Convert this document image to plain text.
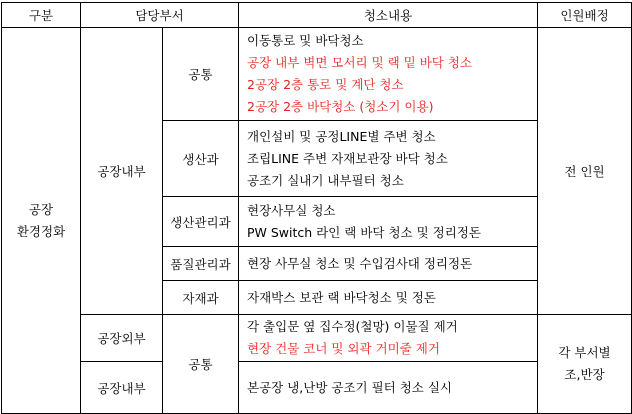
구분	담당부서		청소내용	인원배정

공장
환경정화	공장내부	공통	이동통로 및 바닥청소
공장 내부 벽면 모서리 및 랙 밑 바닥 청소
2공장 2층 통로 및 계단 청소
2공장 2층 바닥청소 (청소기 이용)	전 인원
		생산과	개인설비 및 공정LINE별 주변 청소
조립LINE 주변 자재보관장 바닥 청소
공조기 실내기 내부필터 청소	

		생산관리과	현장사무실 청소
PW Switch 라인 랙 바닥 청소 및 정리정돈	

		품질관리과	현장 사무실 청소 및 수입검사대 정리정돈	

		자재과	자재박스 보관 랙 바닥청소 및 정돈	

	공장외부	공통	각 출입문 옆 집수정(철망) 이물질 제거
현장 건물 코너 및 외곽 거미줄 제거	각 부서별
조,반장

	공장내부		본공장 냉,난방 공조기 필터 청소 실시	
